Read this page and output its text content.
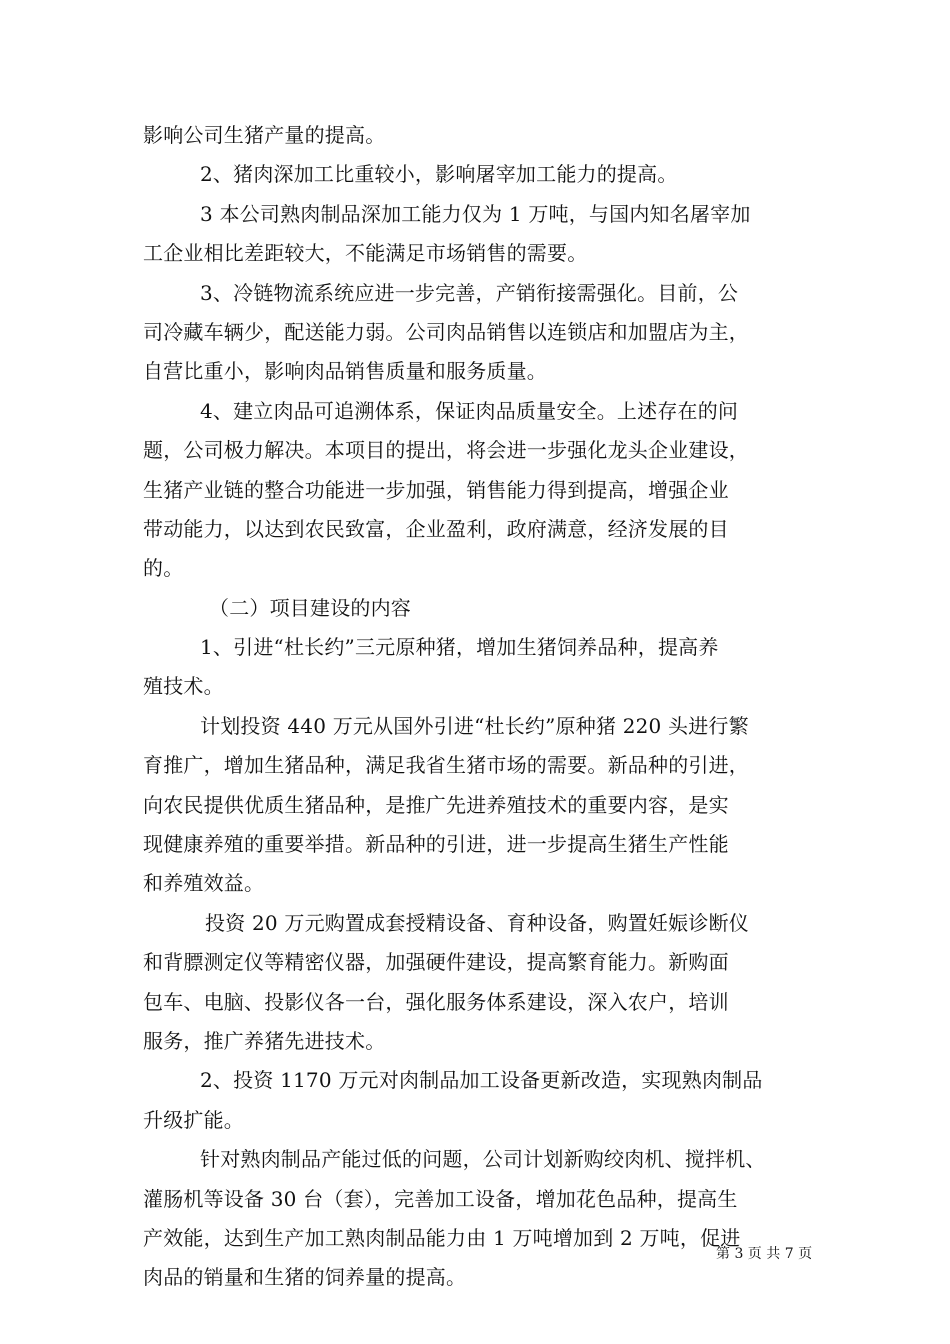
影响公司生猪产量的提高。
2、猪肉深加工比重较小，影响屠宰加工能力的提高。
3 本公司熟肉制品深加工能力仅为 1 万吨，与国内知名屠宰加
工企业相比差距较大，不能满足市场销售的需要。
3、冷链物流系统应进一步完善，产销衔接需强化。目前，公
司冷藏车辆少，配送能力弱。公司肉品销售以连锁店和加盟店为主，
自营比重小，影响肉品销售质量和服务质量。
4、建立肉品可追溯体系，保证肉品质量安全。上述存在的问
题，公司极力解决。本项目的提出，将会进一步强化龙头企业建设，
生猪产业链的整合功能进一步加强，销售能力得到提高，增强企业
带动能力，以达到农民致富，企业盈利，政府满意，经济发展的目
的。
（二）项目建设的内容
1、引进“杜长约”三元原种猪，增加生猪饲养品种，提高养
殖技术。
计划投资 440 万元从国外引进“杜长约”原种猪 220 头进行繁
育推广，增加生猪品种，满足我省生猪市场的需要。新品种的引进，
向农民提供优质生猪品种，是推广先进养殖技术的重要内容，是实
现健康养殖的重要举措。新品种的引进，进一步提高生猪生产性能
和养殖效益。
投资 20 万元购置成套授精设备、育种设备，购置妊娠诊断仪
和背膘测定仪等精密仪器，加强硬件建设，提高繁育能力。新购面
包车、电脑、投影仪各一台，强化服务体系建设，深入农户，培训
服务，推广养猪先进技术。
2、投资 1170 万元对肉制品加工设备更新改造，实现熟肉制品
升级扩能。
针对熟肉制品产能过低的问题，公司计划新购绞肉机、搅拌机、
灌肠机等设备 30 台（套），完善加工设备，增加花色品种，提高生
产效能，达到生产加工熟肉制品能力由 1 万吨增加到 2 万吨，促进
肉品的销量和生猪的饲养量的提高。
第 3 页 共 7 页
